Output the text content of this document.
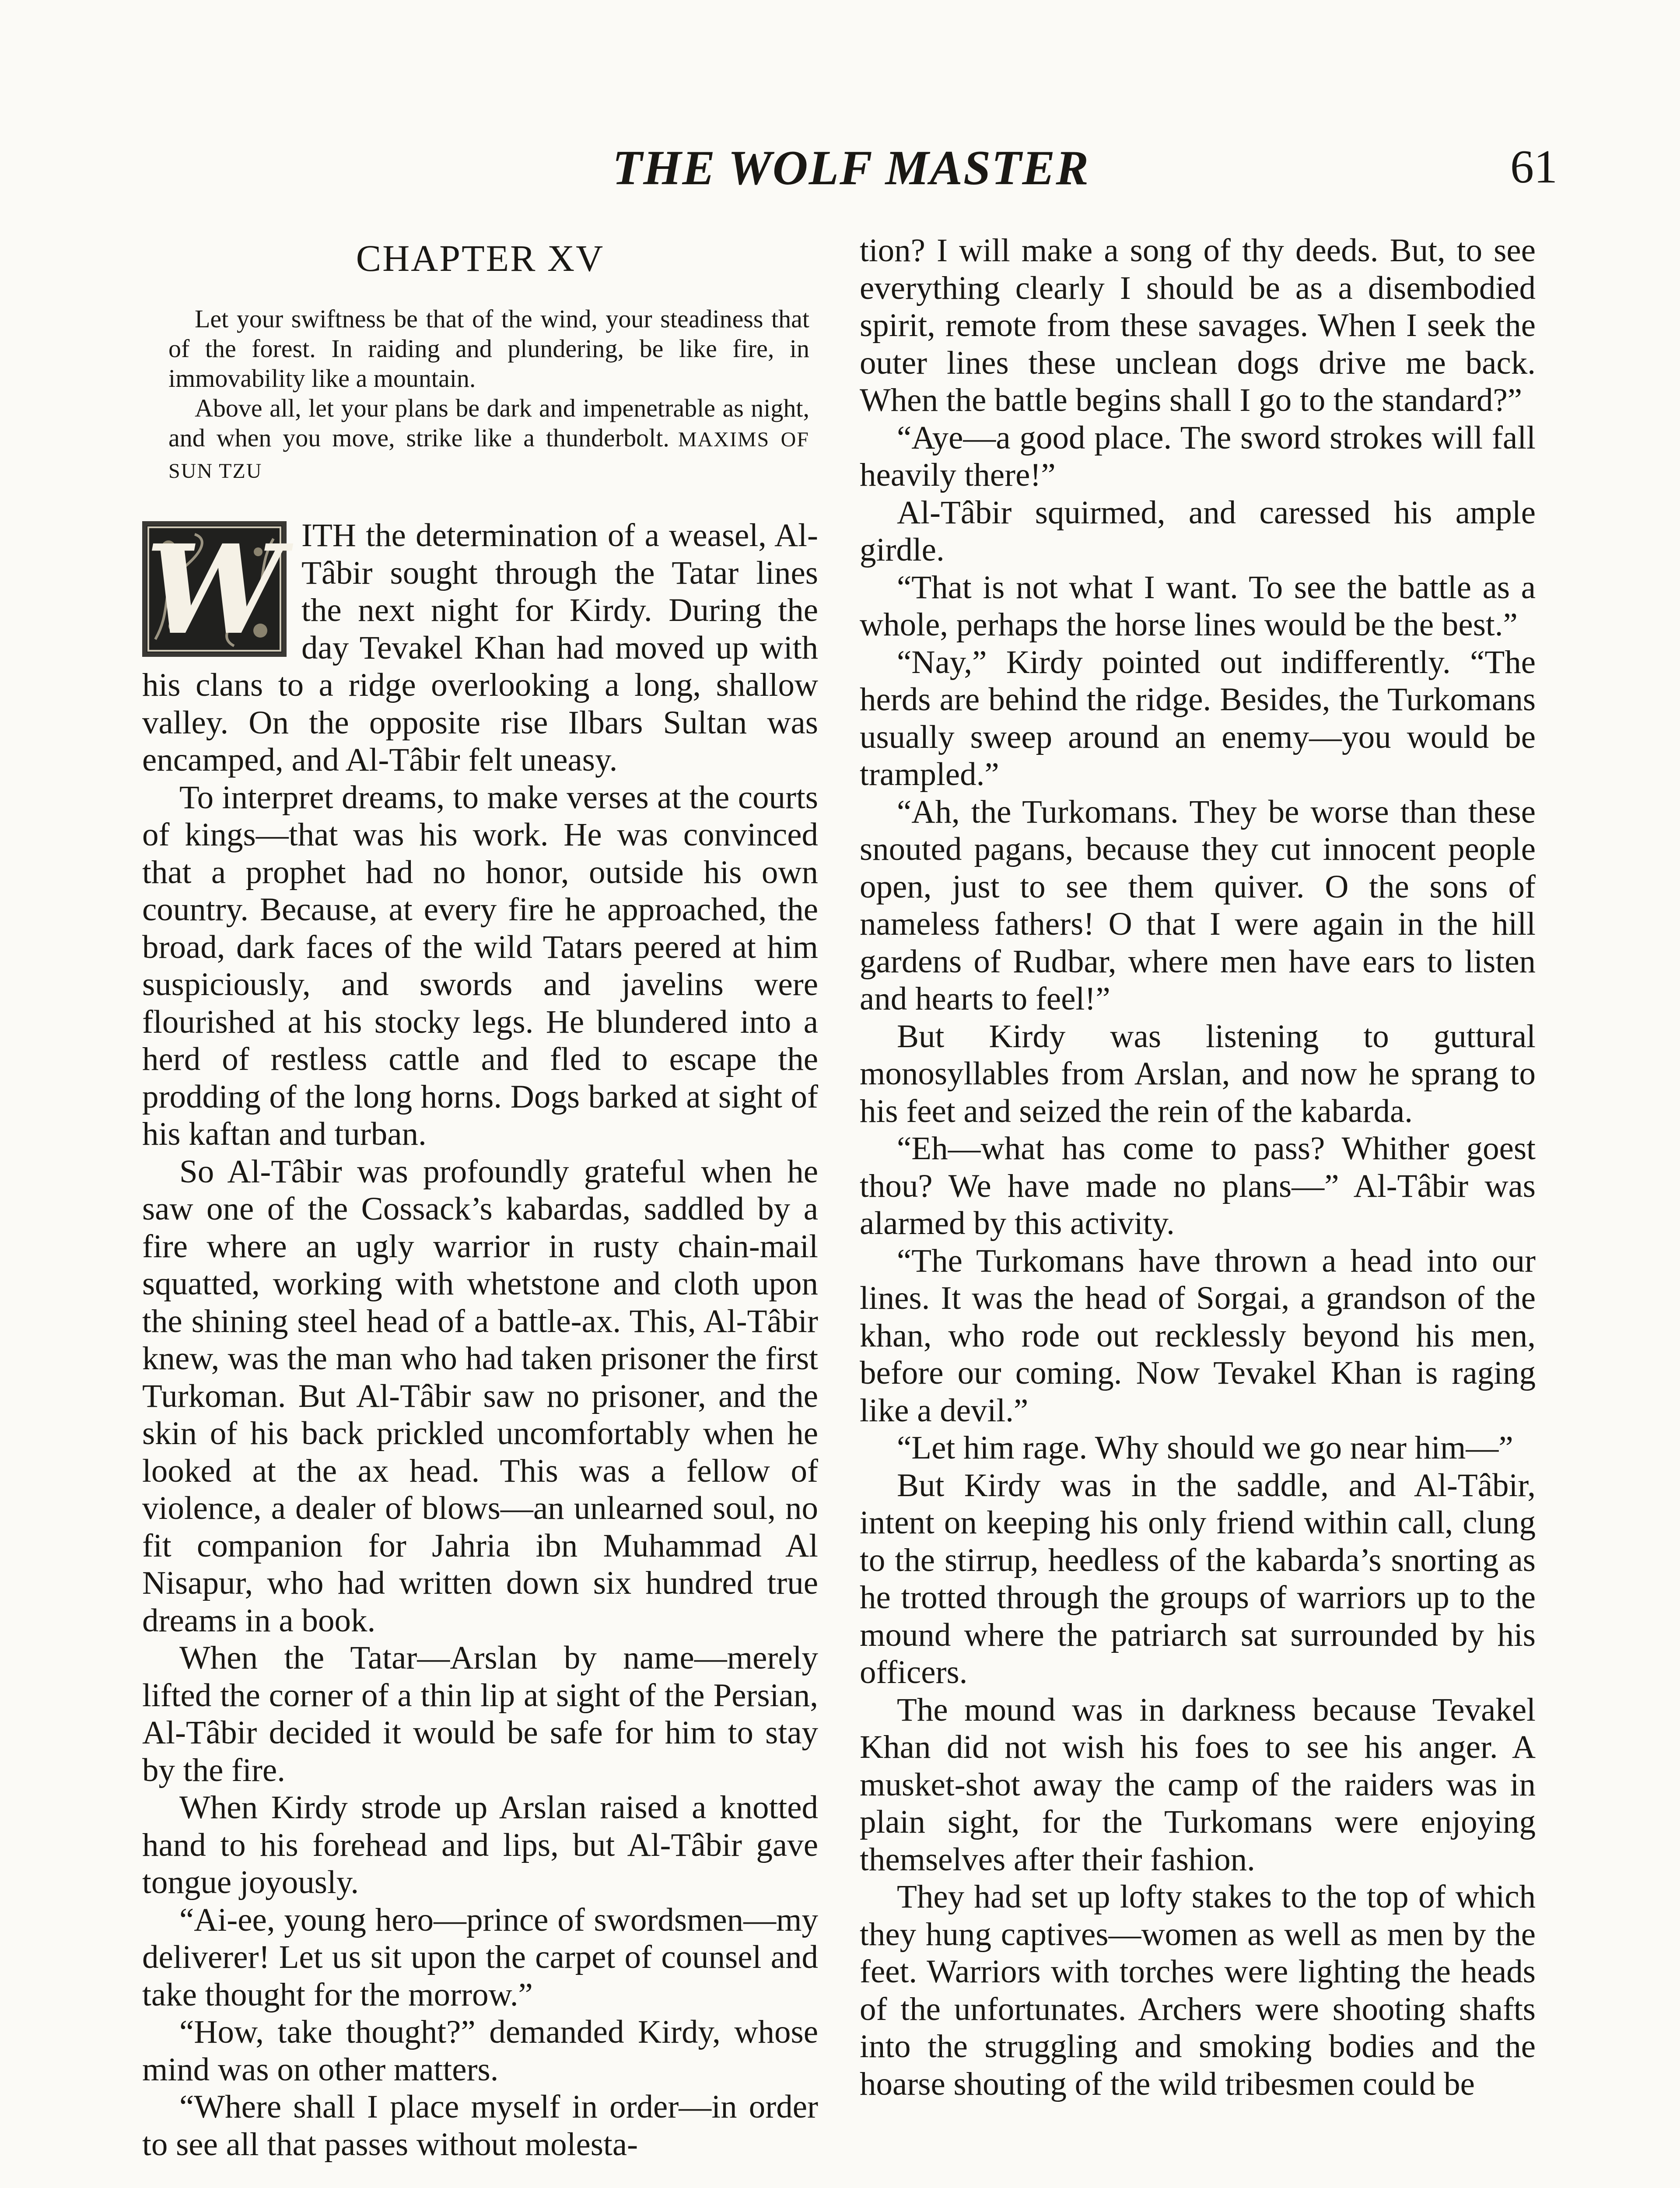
THE WOLF MASTER	61
CHAPTER XV

Let your swiftness be that of the wind, your steadiness that of the forest. In raiding and plundering, be like fire, in immovability like a mountain.

Above all, let your plans be dark and impenetrable as night, and when you move, strike like a thunderbolt. MAXIMS OF SUN TZU

W ITH the determination of a weasel, Al-Tâbir sought through the Tatar lines the next night for Kirdy. During the day Tevakel Khan had moved up with his clans to a ridge overlooking a long, shallow valley. On the opposite rise Ilbars Sultan was encamped, and Al-Tâbir felt uneasy.

To interpret dreams, to make verses at the courts of kings—that was his work. He was convinced that a prophet had no honor, outside his own country. Because, at every fire he approached, the broad, dark faces of the wild Tatars peered at him suspiciously, and swords and javelins were flourished at his stocky legs. He blundered into a herd of restless cattle and fled to escape the prodding of the long horns. Dogs barked at sight of his kaftan and turban.

So Al-Tâbir was profoundly grateful when he saw one of the Cossack’s kabardas, saddled by a fire where an ugly warrior in rusty chain-mail squatted, working with whetstone and cloth upon the shining steel head of a battle-ax. This, Al-Tâbir knew, was the man who had taken prisoner the first Turkoman. But Al-Tâbir saw no prisoner, and the skin of his back prickled uncomfortably when he looked at the ax head. This was a fellow of violence, a dealer of blows—an unlearned soul, no fit companion for Jahria ibn Muhammad Al Nisapur, who had written down six hundred true dreams in a book.

When the Tatar—Arslan by name—merely lifted the corner of a thin lip at sight of the Persian, Al-Tâbir decided it would be safe for him to stay by the fire.

When Kirdy strode up Arslan raised a knotted hand to his forehead and lips, but Al-Tâbir gave tongue joyously.

“Ai-ee, young hero—prince of swordsmen—my deliverer! Let us sit upon the carpet of counsel and take thought for the morrow.”

“How, take thought?” demanded Kirdy, whose mind was on other matters.

“Where shall I place myself in order—in order to see all that passes without molesta-

tion? I will make a song of thy deeds. But, to see everything clearly I should be as a disembodied spirit, remote from these savages. When I seek the outer lines these unclean dogs drive me back. When the battle begins shall I go to the standard?”

“Aye—a good place. The sword strokes will fall heavily there!”

Al-Tâbir squirmed, and caressed his ample girdle.

“That is not what I want. To see the battle as a whole, perhaps the horse lines would be the best.”

“Nay,” Kirdy pointed out indifferently. “The herds are behind the ridge. Besides, the Turkomans usually sweep around an enemy—you would be trampled.”

“Ah, the Turkomans. They be worse than these snouted pagans, because they cut innocent people open, just to see them quiver. O the sons of nameless fathers! O that I were again in the hill gardens of Rudbar, where men have ears to listen and hearts to feel!”

But Kirdy was listening to guttural monosyllables from Arslan, and now he sprang to his feet and seized the rein of the kabarda.

“Eh—what has come to pass? Whither goest thou? We have made no plans—” Al-Tâbir was alarmed by this activity.

“The Turkomans have thrown a head into our lines. It was the head of Sorgai, a grandson of the khan, who rode out recklessly beyond his men, before our coming. Now Tevakel Khan is raging like a devil.”

“Let him rage. Why should we go near him—”

But Kirdy was in the saddle, and Al-Tâbir, intent on keeping his only friend within call, clung to the stirrup, heedless of the kabarda’s snorting as he trotted through the groups of warriors up to the mound where the patriarch sat surrounded by his officers.

The mound was in darkness because Tevakel Khan did not wish his foes to see his anger. A musket-shot away the camp of the raiders was in plain sight, for the Turkomans were enjoying themselves after their fashion.

They had set up lofty stakes to the top of which they hung captives—women as well as men by the feet. Warriors with torches were lighting the heads of the unfortunates. Archers were shooting shafts into the struggling and smoking bodies and the hoarse shouting of the wild tribesmen could be
